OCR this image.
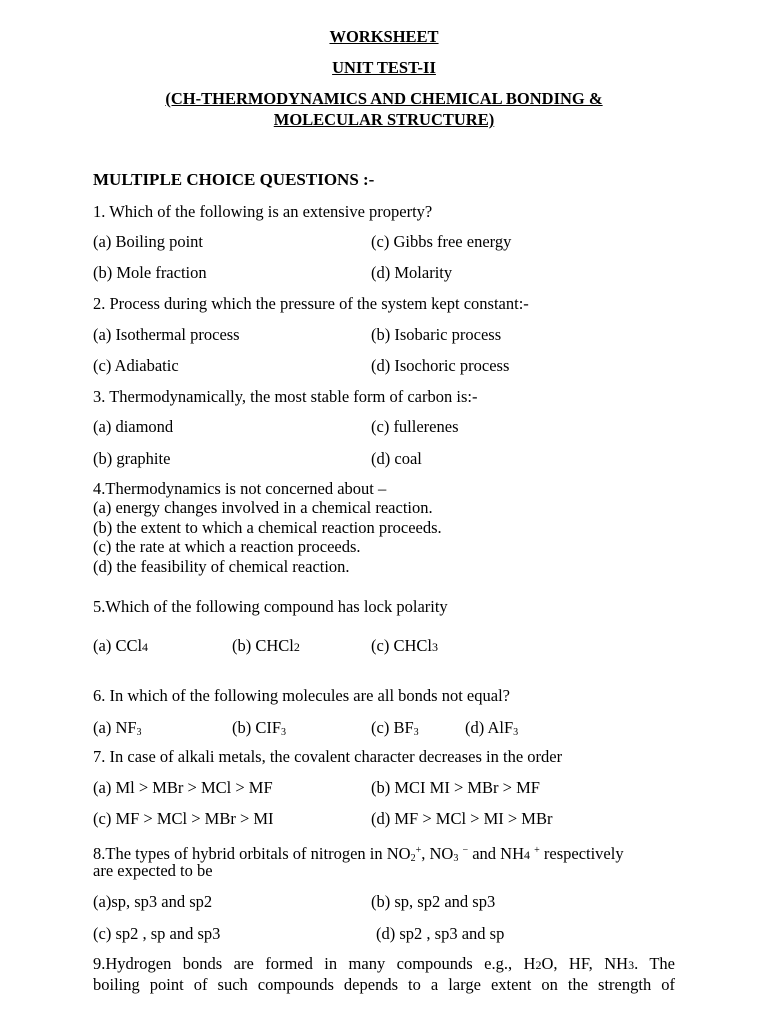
WORKSHEET
UNIT TEST-II
(CH-THERMODYNAMICS AND CHEMICAL BONDING &
MOLECULAR STRUCTURE)
MULTIPLE CHOICE QUESTIONS :-
1. Which of the following is an extensive property?
(a) Boiling point	(c) Gibbs free energy
(b) Mole fraction	(d) Molarity
2. Process during which the pressure of the system kept constant:-
(a) Isothermal process	(b) Isobaric process
(c) Adiabatic	(d) Isochoric process
3. Thermodynamically, the most stable form of carbon is:-
(a) diamond	(c) fullerenes
(b) graphite	(d) coal
4.Thermodynamics is not concerned about –
(a) energy changes involved in a chemical reaction.
(b) the extent to which a chemical reaction proceeds.
(c) the rate at which a reaction proceeds.
(d) the feasibility of chemical reaction.
5.Which of the following compound has lock polarity
(a) CCl4	(b) CHCl2	(c) CHCl3
6. In which of the following molecules are all bonds not equal?
(a) $NF_3$	(b) $CIF_3$	(c) $BF_3$	(d) AlF$_3$
7. In case of alkali metals, the covalent character decreases in the order
(a) Ml > MBr > MCl > MF	(b) MCI MI > MBr > MF
(c) MF > MCl > MBr > MI	(d) MF > MCl > MI > MBr
8.The types of hybrid orbitals of nitrogen in $NO_2^+$, $NO_3$ − and NH4 + respectively
are expected to be
(a)sp, sp3 and sp2	(b) sp, sp2 and sp3
(c) sp2 , sp and sp3	(d) sp2 , sp3 and sp
9.Hydrogen bonds are formed in many compounds e.g., H2O, HF, NH3. The
boiling point of such compounds depends to a large extent on the strength of
